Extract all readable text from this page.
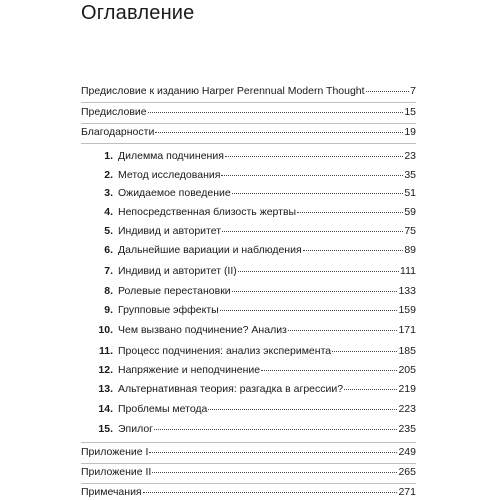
Оглавление
Предисловие к изданию Harper Perennual Modern Thought	7
Предисловие	15
Благодарности	19
1. Дилемма подчинения	23
2. Метод исследования	35
3. Ожидаемое поведение	51
4. Непосредственная близость жертвы	59
5. Индивид и авторитет	75
6. Дальнейшие вариации и наблюдения	89
7. Индивид и авторитет (II)	111
8. Ролевые перестановки	133
9. Групповые эффекты	159
10. Чем вызвано подчинение? Анализ	171
11. Процесс подчинения: анализ эксперимента	185
12. Напряжение и неподчинение	205
13. Альтернативная теория: разгадка в агрессии?	219
14. Проблемы метода	223
15. Эпилог	235
Приложение I	249
Приложение II	265
Примечания	271
